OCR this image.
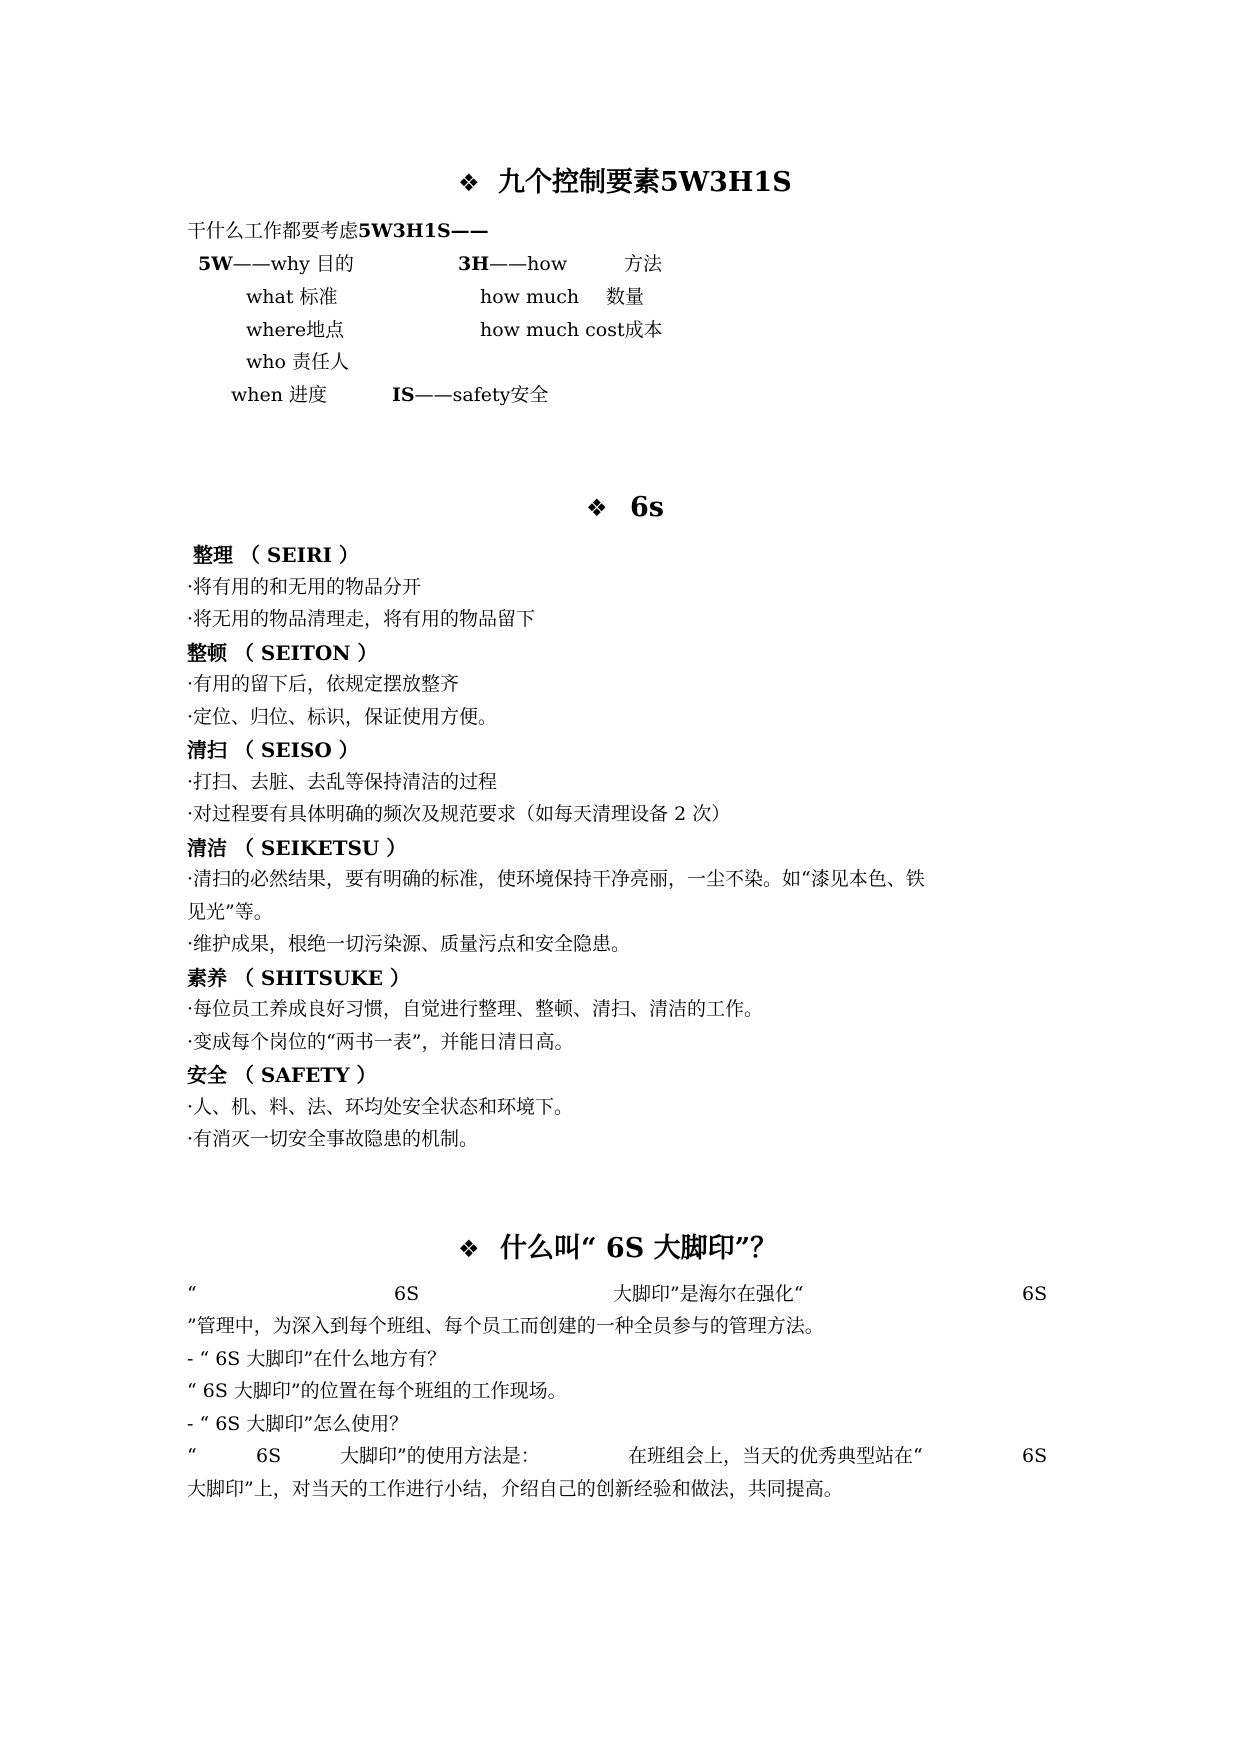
❖ 九个控制要素5W3H1S
干什么工作都要考虑5W3H1S——
5W——why 目的	3H——how	方法
what 标准	how much 数量
where地点	how much cost成本
who 责任人
when 进度	IS——safety安全
❖ 6s
整理 （ SEIRI ）
·将有用的和无用的物品分开
·将无用的物品清理走，将有用的物品留下
整顿 （ SEITON ）
·有用的留下后，依规定摆放整齐
·定位、归位、标识，保证使用方便。
清扫 （ SEISO ）
·打扫、去脏、去乱等保持清洁的过程
·对过程要有具体明确的频次及规范要求（如每天清理设备 2 次）
清洁 （ SEIKETSU ）
·清扫的必然结果，要有明确的标准，使环境保持干净亮丽，一尘不染。如“漆见本色、铁
见光”等。
·维护成果，根绝一切污染源、质量污点和安全隐患。
素养 （ SHITSUKE ）
·每位员工养成良好习惯，自觉进行整理、整顿、清扫、清洁的工作。
·变成每个岗位的“两书一表”，并能日清日高。
安全 （ SAFETY ）
·人、机、料、法、环均处安全状态和环境下。
·有消灭一切安全事故隐患的机制。
❖ 什么叫“ 6S 大脚印”？
“	6S	大脚印”是海尔在强化“	6S
”管理中，为深入到每个班组、每个员工而创建的一种全员参与的管理方法。
- “ 6S 大脚印”在什么地方有？
“ 6S 大脚印”的位置在每个班组的工作现场。
- “ 6S 大脚印”怎么使用？
“	6S	大脚印”的使用方法是：	在班组会上，当天的优秀典型站在“	6S
大脚印”上，对当天的工作进行小结，介绍自己的创新经验和做法，共同提高。
